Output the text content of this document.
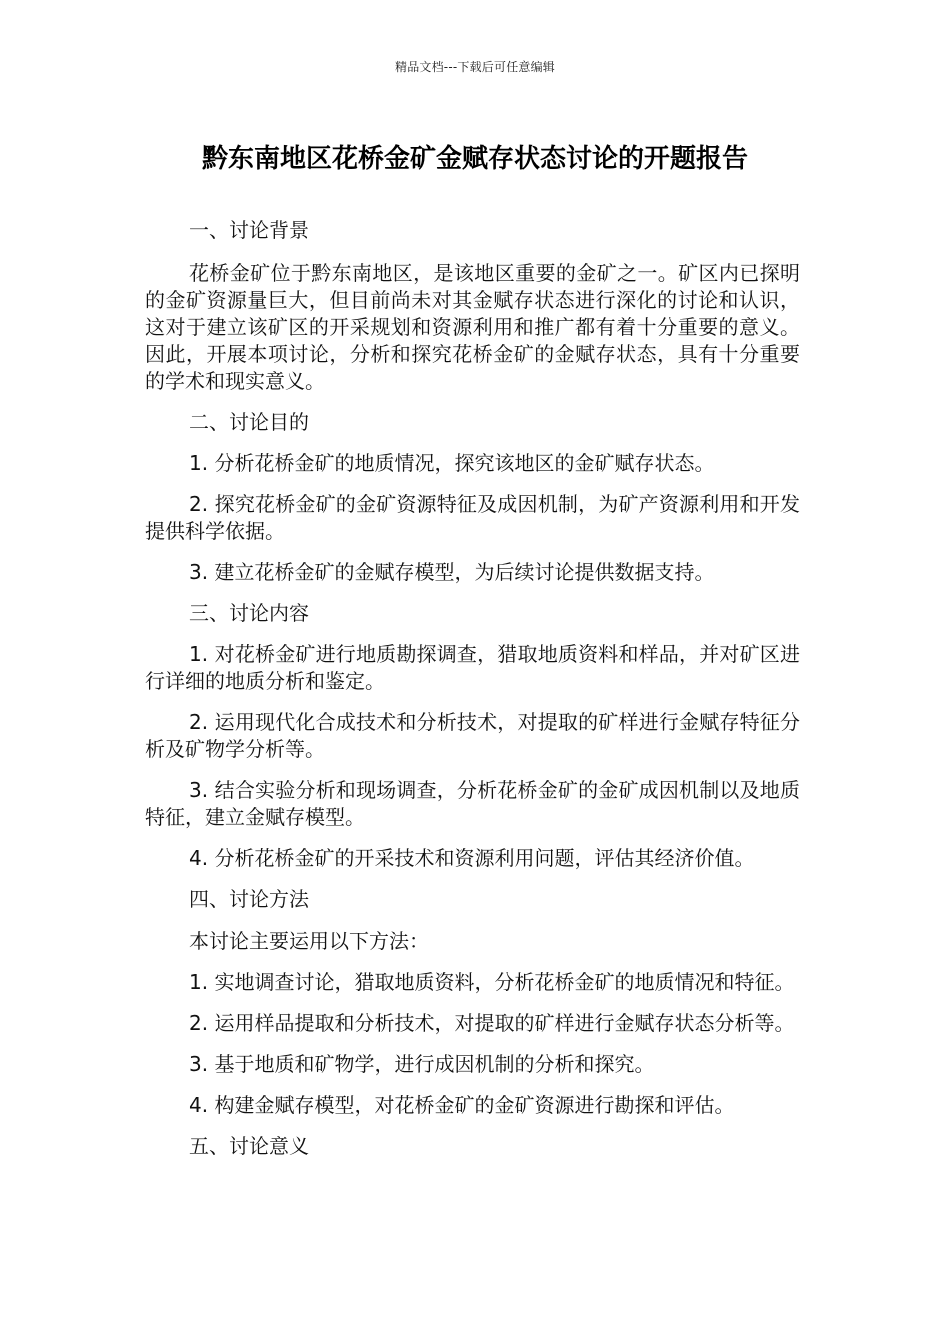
精品文档---下载后可任意编辑
黔东南地区花桥金矿金赋存状态讨论的开题报告

一、讨论背景

花桥金矿位于黔东南地区，是该地区重要的金矿之一。矿区内已探明的金矿资源量巨大，但目前尚未对其金赋存状态进行深化的讨论和认识，这对于建立该矿区的开采规划和资源利用和推广都有着十分重要的意义。因此，开展本项讨论，分析和探究花桥金矿的金赋存状态，具有十分重要的学术和现实意义。

二、讨论目的

1. 分析花桥金矿的地质情况，探究该地区的金矿赋存状态。

2. 探究花桥金矿的金矿资源特征及成因机制，为矿产资源利用和开发提供科学依据。

3. 建立花桥金矿的金赋存模型，为后续讨论提供数据支持。

三、讨论内容

1. 对花桥金矿进行地质勘探调查，猎取地质资料和样品，并对矿区进行详细的地质分析和鉴定。

2. 运用现代化合成技术和分析技术，对提取的矿样进行金赋存特征分析及矿物学分析等。

3. 结合实验分析和现场调查，分析花桥金矿的金矿成因机制以及地质特征，建立金赋存模型。

4. 分析花桥金矿的开采技术和资源利用问题，评估其经济价值。

四、讨论方法

本讨论主要运用以下方法：

1. 实地调查讨论，猎取地质资料，分析花桥金矿的地质情况和特征。

2. 运用样品提取和分析技术，对提取的矿样进行金赋存状态分析等。

3. 基于地质和矿物学，进行成因机制的分析和探究。

4. 构建金赋存模型，对花桥金矿的金矿资源进行勘探和评估。

五、讨论意义
